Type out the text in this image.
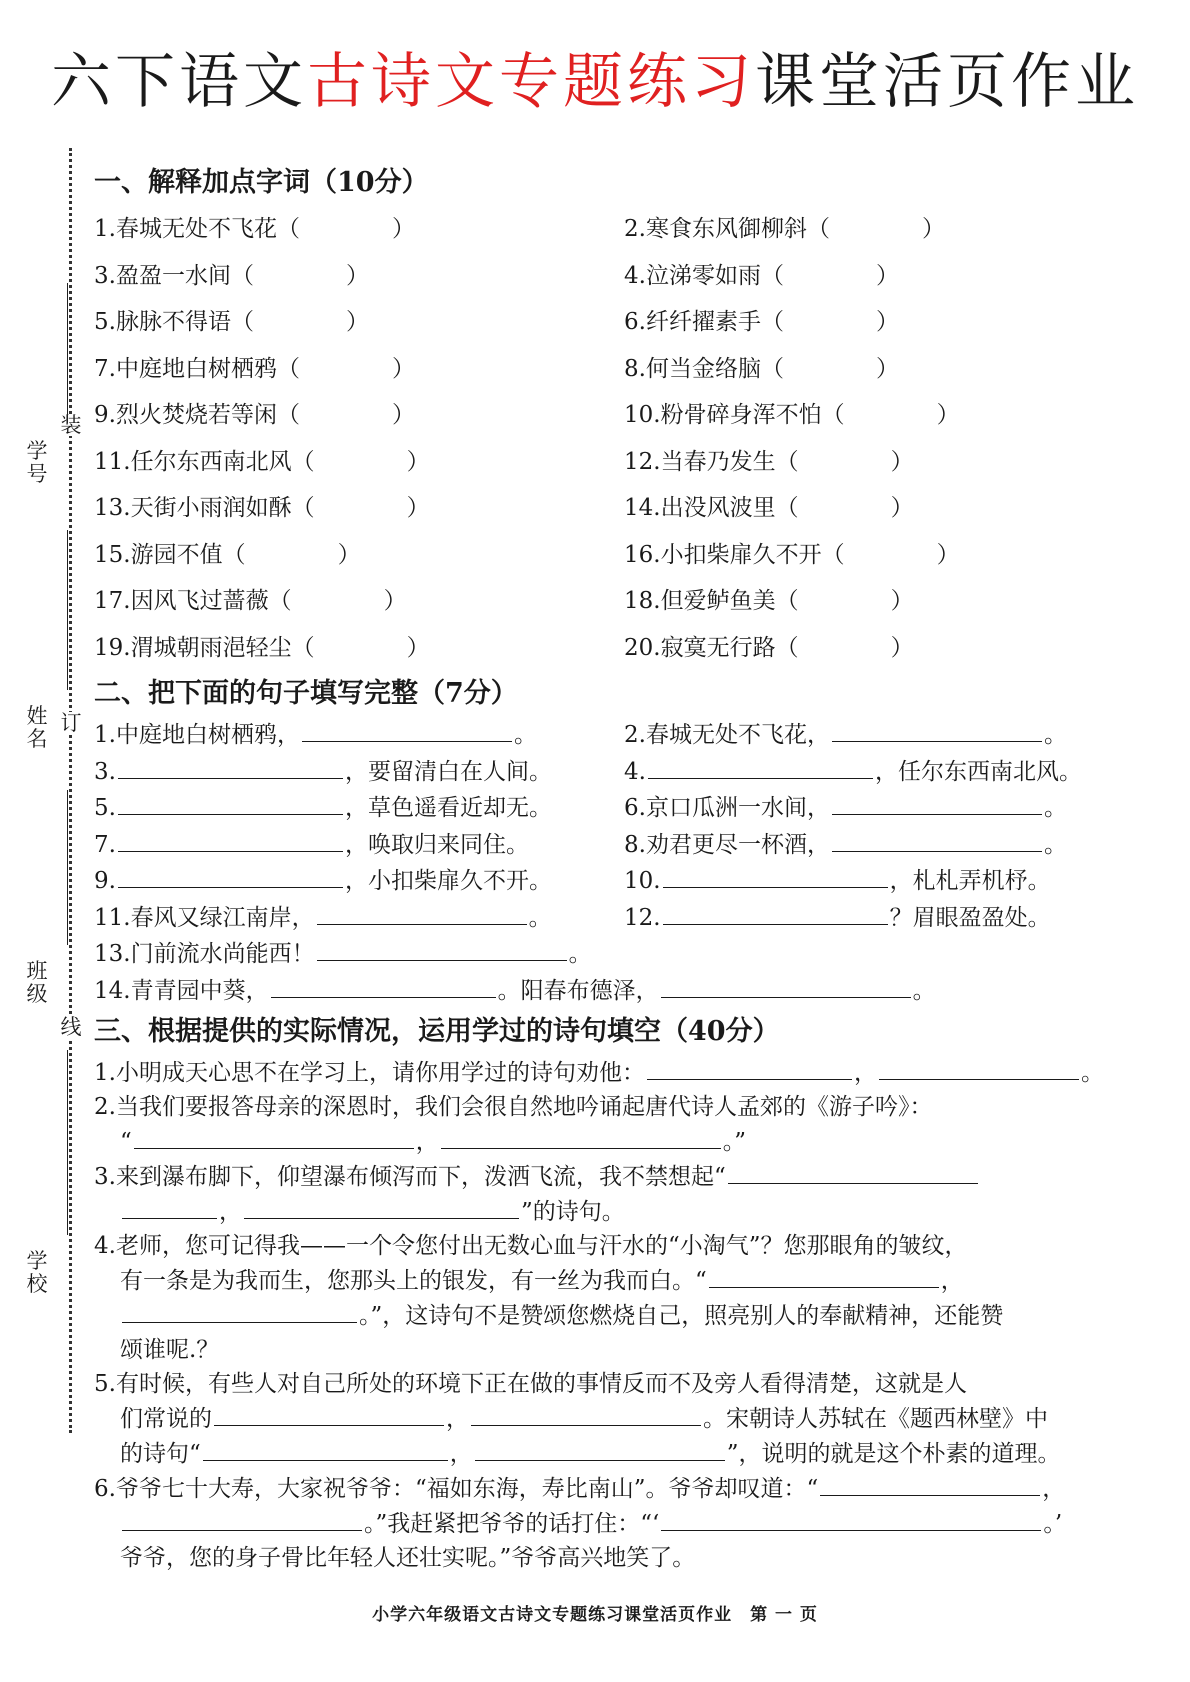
六下语文古诗文专题练习课堂活页作业
装
订
线
学号
姓名
班级
学校
一、解释加点字词（10分）
1.春城无处不飞花（　　　　）	2.寒食东风御柳斜（　　　　）
3.盈盈一水间（　　　　）	4.泣涕零如雨（　　　　）
5.脉脉不得语（　　　　）	6.纤纤擢素手（　　　　）
7.中庭地白树栖鸦（　　　　）	8.何当金络脑（　　　　）
9.烈火焚烧若等闲（　　　　）	10.粉骨碎身浑不怕（　　　　）
11.任尔东西南北风（　　　　）	12.当春乃发生（　　　　）
13.天街小雨润如酥（　　　　）	14.出没风波里（　　　　）
15.游园不值（　　　　）	16.小扣柴扉久不开（　　　　）
17.因风飞过蔷薇（　　　　）	18.但爱鲈鱼美（　　　　）
19.渭城朝雨浥轻尘（　　　　）	20.寂寞无行路（　　　　）
二、把下面的句子填写完整（7分）
1.中庭地白树栖鸦，	。	2.春城无处不飞花，	。
3.	，要留清白在人间。	4.	，任尔东西南北风。
5.	，草色遥看近却无。	6.京口瓜洲一水间，	。
7.	，唤取归来同住。	8.劝君更尽一杯酒，	。
9.	，小扣柴扉久不开。	10.	，札札弄机杼。
11.春风又绿江南岸，	。	12.	？眉眼盈盈处。
13.门前流水尚能西！	。
14.青青园中葵，	。阳春布德泽，	。
三、根据提供的实际情况，运用学过的诗句填空（40分）

1.小明成天心思不在学习上，请你用学过的诗句劝他：	，	。

2.当我们要报答母亲的深恩时，我们会很自然地吟诵起唐代诗人孟郊的《游子吟》：

“	，	。”

3.来到瀑布脚下，仰望瀑布倾泻而下，泼洒飞流，我不禁想起“

，	”的诗句。

4.老师，您可记得我——一个令您付出无数心血与汗水的“小淘气”？您那眼角的皱纹，

有一条是为我而生，您那头上的银发，有一丝为我而白。“	，

。”，这诗句不是赞颂您燃烧自己，照亮别人的奉献精神，还能赞

颂谁呢.？

5.有时候，有些人对自己所处的环境下正在做的事情反而不及旁人看得清楚，这就是人

们常说的	，	。宋朝诗人苏轼在《题西林壁》中

的诗句“	，	”，说明的就是这个朴素的道理。

6.爷爷七十大寿，大家祝爷爷：“福如东海，寿比南山”。爷爷却叹道：“	，

。”我赶紧把爷爷的话打住：“‘	。’

爷爷，您的身子骨比年轻人还壮实呢。”爷爷高兴地笑了。

小学六年级语文古诗文专题练习课堂活页作业　第 一 页
